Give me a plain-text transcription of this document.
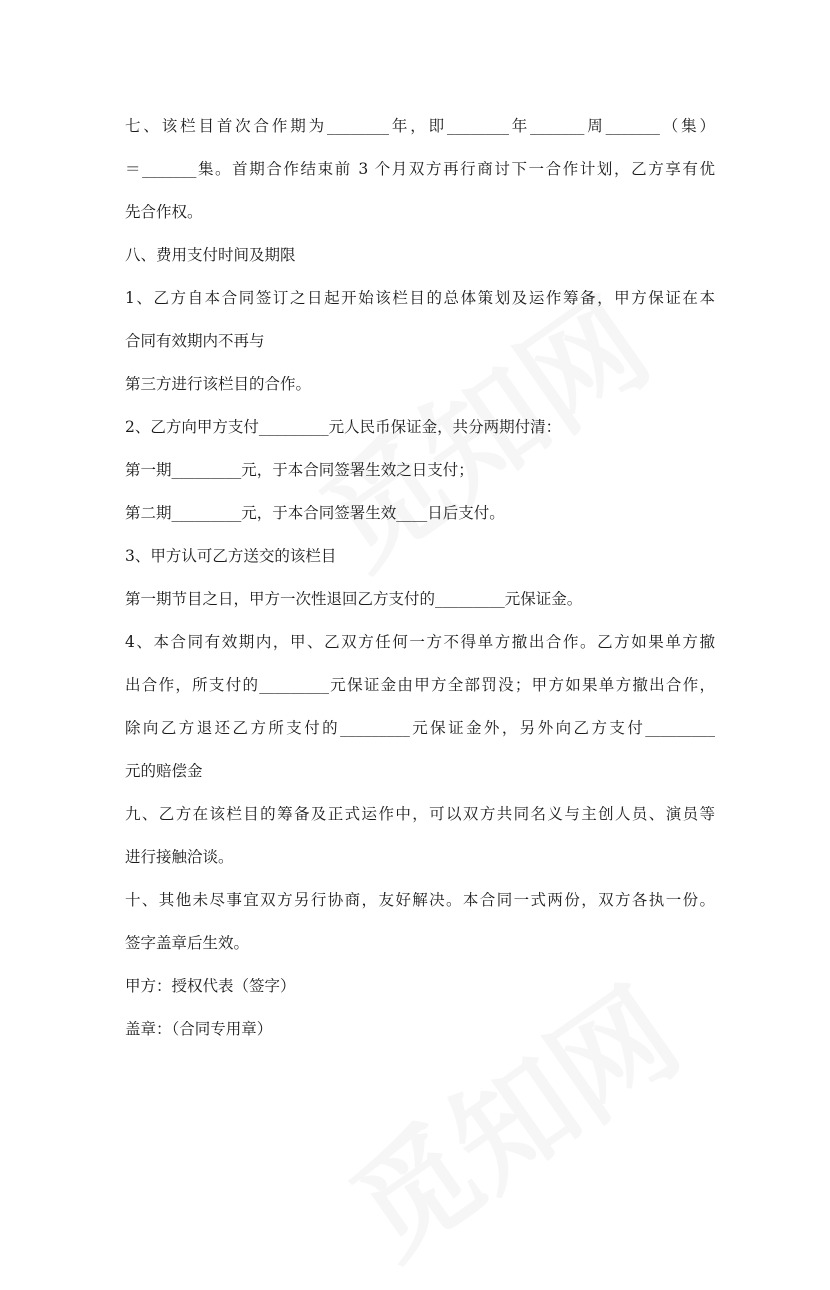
七、该栏目首次合作期为________年，即________年_______周_______（集）
＝_______集。首期合作结束前 3 个月双方再行商讨下一合作计划，乙方享有优
先合作权。
八、费用支付时间及期限
1、乙方自本合同签订之日起开始该栏目的总体策划及运作筹备，甲方保证在本
合同有效期内不再与
第三方进行该栏目的合作。
2、乙方向甲方支付_________元人民币保证金，共分两期付清：
第一期_________元，于本合同签署生效之日支付；
第二期_________元，于本合同签署生效____日后支付。
3、甲方认可乙方送交的该栏目
第一期节目之日，甲方一次性退回乙方支付的_________元保证金。
4、本合同有效期内，甲、乙双方任何一方不得单方撤出合作。乙方如果单方撤
出合作，所支付的_________元保证金由甲方全部罚没；甲方如果单方撤出合作，
除向乙方退还乙方所支付的_________元保证金外，另外向乙方支付_________
元的赔偿金
九、乙方在该栏目的筹备及正式运作中，可以双方共同名义与主创人员、演员等
进行接触洽谈。
十、其他未尽事宜双方另行协商，友好解决。本合同一式两份，双方各执一份。
签字盖章后生效。
甲方：授权代表（签字）
盖章：（合同专用章）
